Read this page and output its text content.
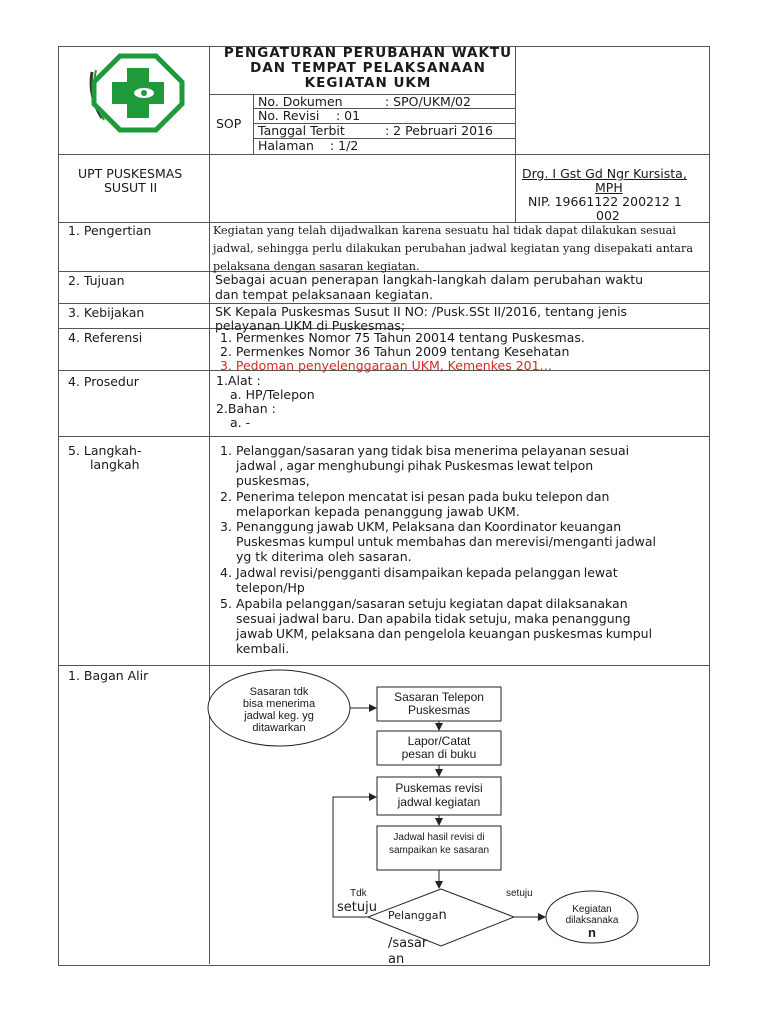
PENGATURAN PERUBAHAN WAKTU
DAN TEMPAT PELAKSANAAN
KEGIATAN UKM
SOP
No. Dokumen	: SPO/UKM/02
No. Revisi : 01
Tanggal Terbit	: 2 Pebruari 2016
Halaman : 1/2
UPT PUSKESMAS
SUSUT II
Drg. I Gst Gd Ngr Kursista,
MPH
NIP. 19661122 200212 1
002
1. Pengertian	Kegiatan yang telah dijadwalkan karena sesuatu hal tidak dapat dilakukan sesuai
jadwal, sehingga perlu dilakukan perubahan jadwal kegiatan yang disepakati antara
pelaksana dengan sasaran kegiatan.
2. Tujuan	Sebagai acuan penerapan langkah-langkah dalam perubahan waktu
dan tempat pelaksanaan kegiatan.
3. Kebijakan	SK Kepala Puskesmas Susut II NO: /Pusk.SSt II/2016, tentang jenis
pelayanan UKM di Puskesmas;
4. Referensi	1. Permenkes Nomor 75 Tahun 20014 tentang Puskesmas.
2. Permenkes Nomor 36 Tahun 2009 tentang Kesehatan
3. Pedoman penyelenggaraan UKM, Kemenkes 201…
4. Prosedur	1.Alat :
a. HP/Telepon
2.Bahan :
a. -
5. Langkah-
langkah
1. Pelanggan/sasaran yang tidak bisa menerima pelayanan sesuai
jadwal , agar menghubungi pihak Puskesmas lewat telpon
puskesmas,
2. Penerima telepon mencatat isi pesan pada buku telepon dan
melaporkan kepada penanggung jawab UKM.
3. Penanggung jawab UKM, Pelaksana dan Koordinator keuangan
Puskesmas kumpul untuk membahas dan merevisi/menganti jadwal
yg tk diterima oleh sasaran.
4. Jadwal revisi/pengganti disampaikan kepada pelanggan lewat
telepon/Hp
5. Apabila pelanggan/sasaran setuju kegiatan dapat dilaksanakan
sesuai jadwal baru. Dan apabila tidak setuju, maka penanggung
jawab UKM, pelaksana dan pengelola keuangan puskesmas kumpul
kembali.
1. Bagan Alir
Sasaran tdk
bisa menerima
jadwal keg. yg
ditawarkan
Sasaran Telepon
Puskesmas
Lapor/Catat
pesan di buku
Puskemas revisi
jadwal kegiatan
Jadwal hasil revisi di
sampaikan ke sasaran
Pelanggan
/sasar
an
Tdk
setuju
setuju
Kegiatan
dilaksanaka
n
